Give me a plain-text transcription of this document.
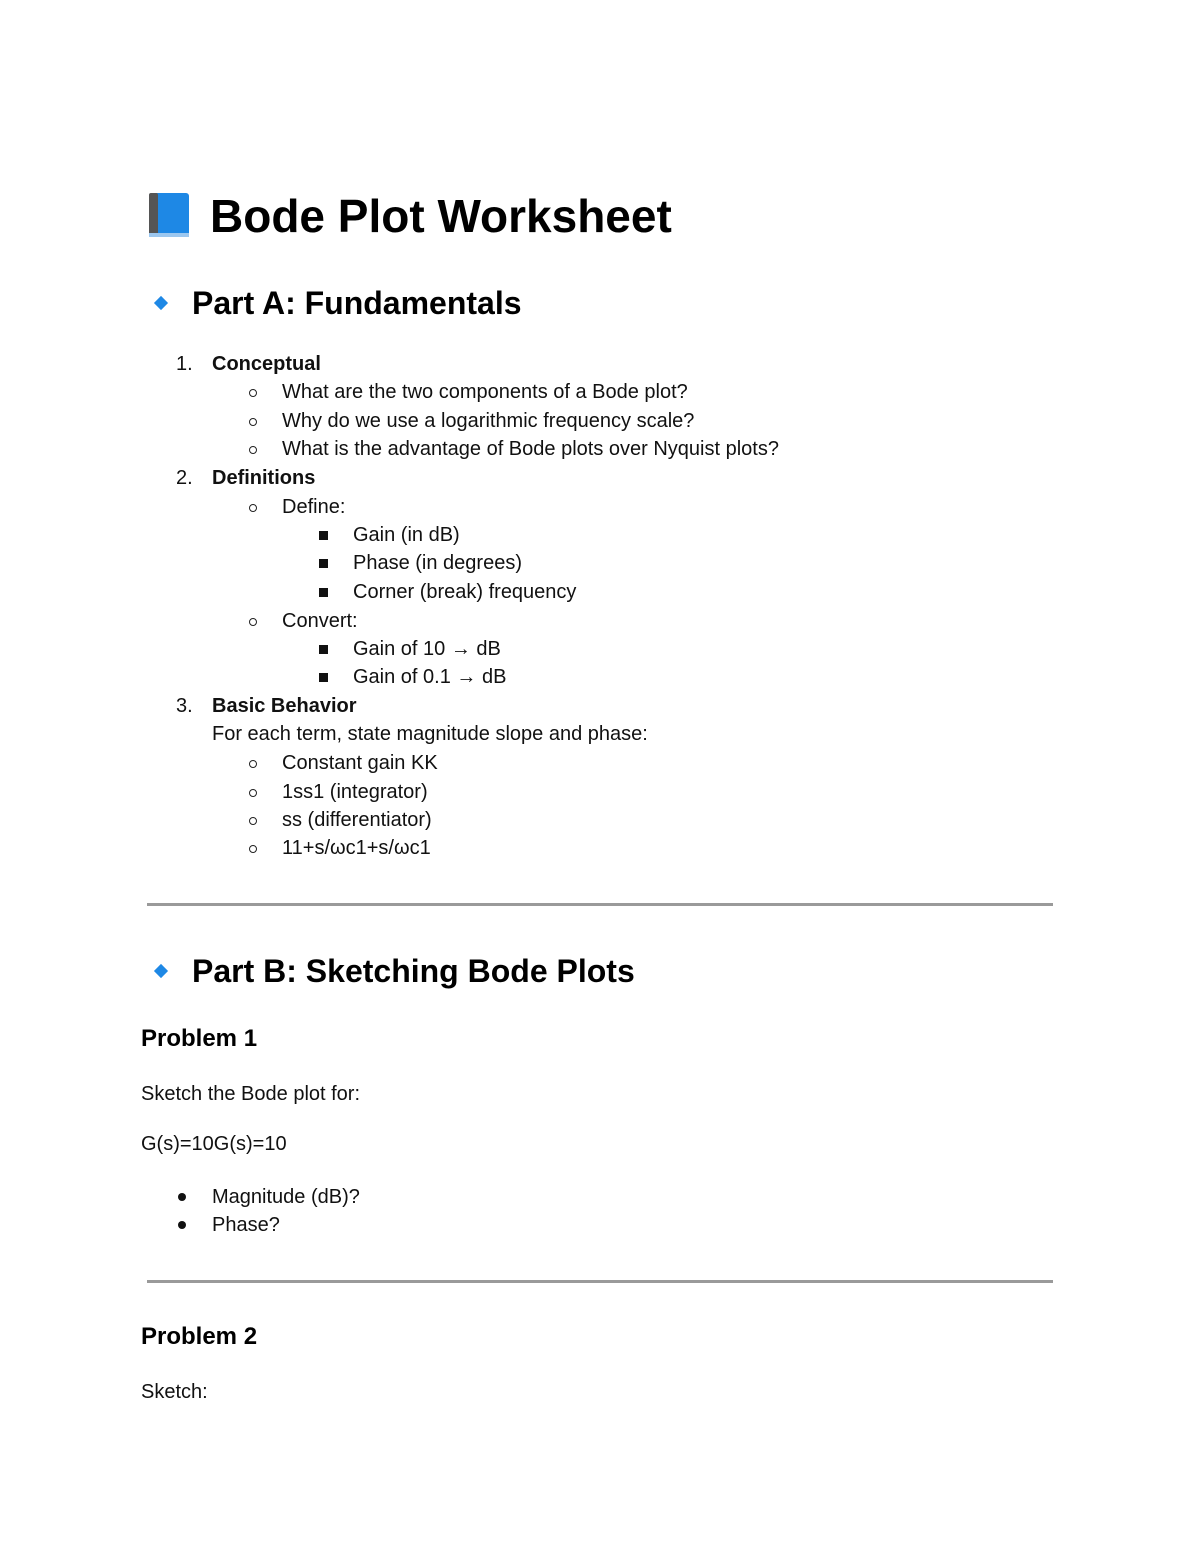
Bode Plot Worksheet
Part A: Fundamentals
1. Conceptual
What are the two components of a Bode plot?
Why do we use a logarithmic frequency scale?
What is the advantage of Bode plots over Nyquist plots?
2. Definitions
Define:
Gain (in dB)
Phase (in degrees)
Corner (break) frequency
Convert:
Gain of 10 → dB
Gain of 0.1 → dB
3. Basic Behavior
For each term, state magnitude slope and phase:
Constant gain KK
1ss1 (integrator)
ss (differentiator)
11+s/ωc1+s/ωc1
Part B: Sketching Bode Plots
Problem 1
Sketch the Bode plot for:
G(s)=10G(s)=10
Magnitude (dB)?
Phase?
Problem 2
Sketch:
